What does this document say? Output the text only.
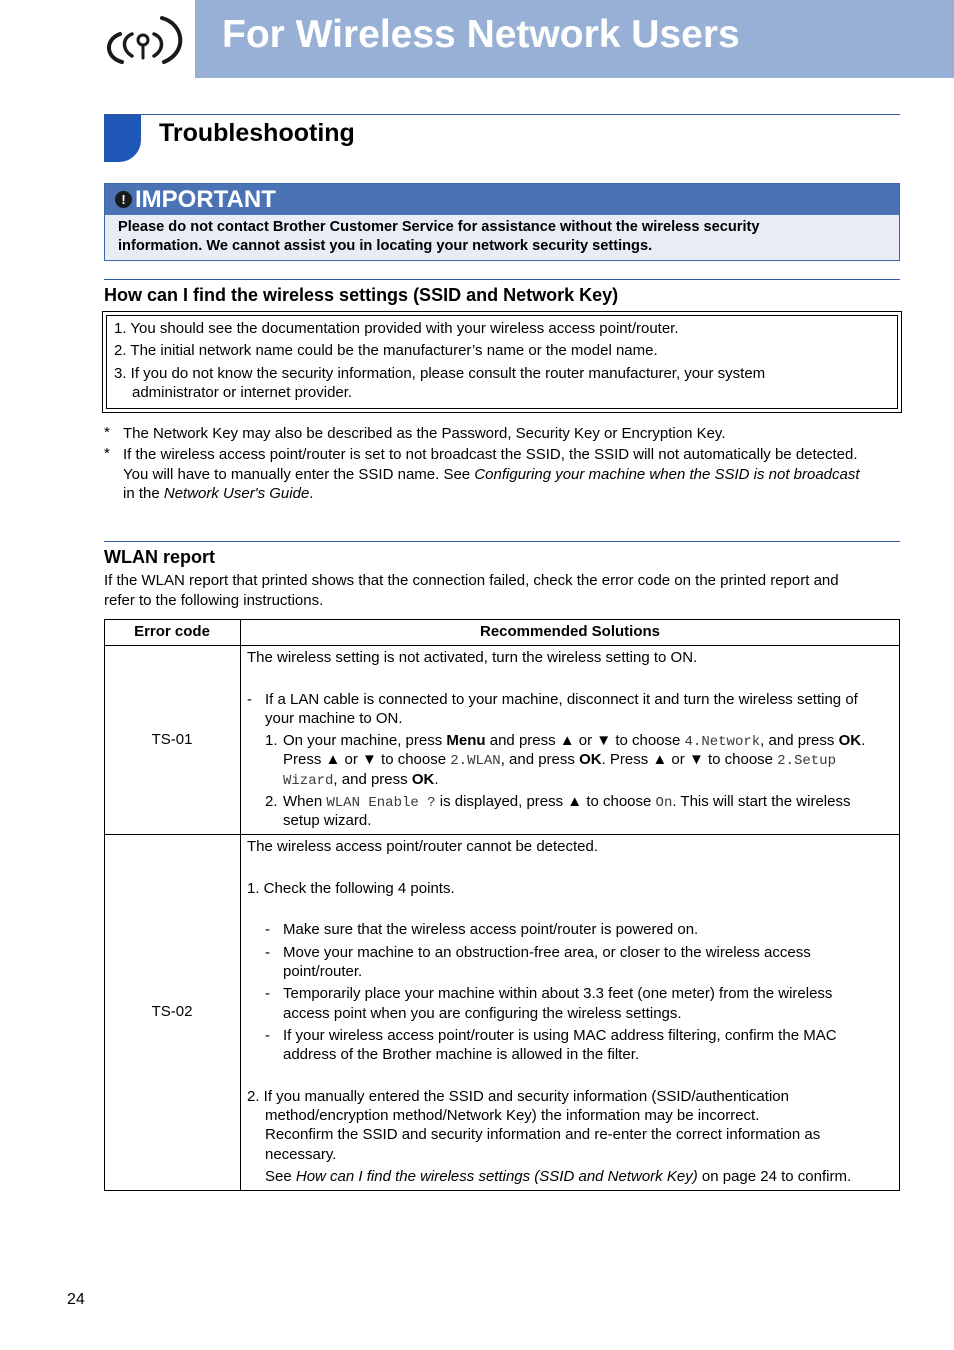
For Wireless Network Users
Troubleshooting
! IMPORTANT
Please do not contact Brother Customer Service for assistance without the wireless security
information. We cannot assist you in locating your network security settings.
How can I find the wireless settings (SSID and Network Key)
1. You should see the documentation provided with your wireless access point/router.
2. The initial network name could be the manufacturer’s name or the model name.
3. If you do not know the security information, please consult the router manufacturer, your system
administrator or internet provider.
* The Network Key may also be described as the Password, Security Key or Encryption Key.
* If the wireless access point/router is set to not broadcast the SSID, the SSID will not automatically be detected.
You will have to manually enter the SSID name. See Configuring your machine when the SSID is not broadcast
in the Network User's Guide.
WLAN report
If the WLAN report that printed shows that the connection failed, check the error code on the printed report and
refer to the following instructions.
Error code	Recommended Solutions
TS-01
The wireless setting is not activated, turn the wireless setting to ON.
- If a LAN cable is connected to your machine, disconnect it and turn the wireless setting of
your machine to ON.
1. On your machine, press Menu and press ▲ or ▼ to choose 4.Network, and press OK.
Press ▲ or ▼ to choose 2.WLAN, and press OK. Press ▲ or ▼ to choose 2.Setup
Wizard, and press OK.
2. When WLAN Enable ? is displayed, press ▲ to choose On. This will start the wireless
setup wizard.
TS-02
The wireless access point/router cannot be detected.
1. Check the following 4 points.
- Make sure that the wireless access point/router is powered on.
- Move your machine to an obstruction-free area, or closer to the wireless access
point/router.
- Temporarily place your machine within about 3.3 feet (one meter) from the wireless
access point when you are configuring the wireless settings.
- If your wireless access point/router is using MAC address filtering, confirm the MAC
address of the Brother machine is allowed in the filter.
2. If you manually entered the SSID and security information (SSID/authentication
method/encryption method/Network Key) the information may be incorrect.
Reconfirm the SSID and security information and re-enter the correct information as
necessary.
See How can I find the wireless settings (SSID and Network Key) on page 24 to confirm.
24
